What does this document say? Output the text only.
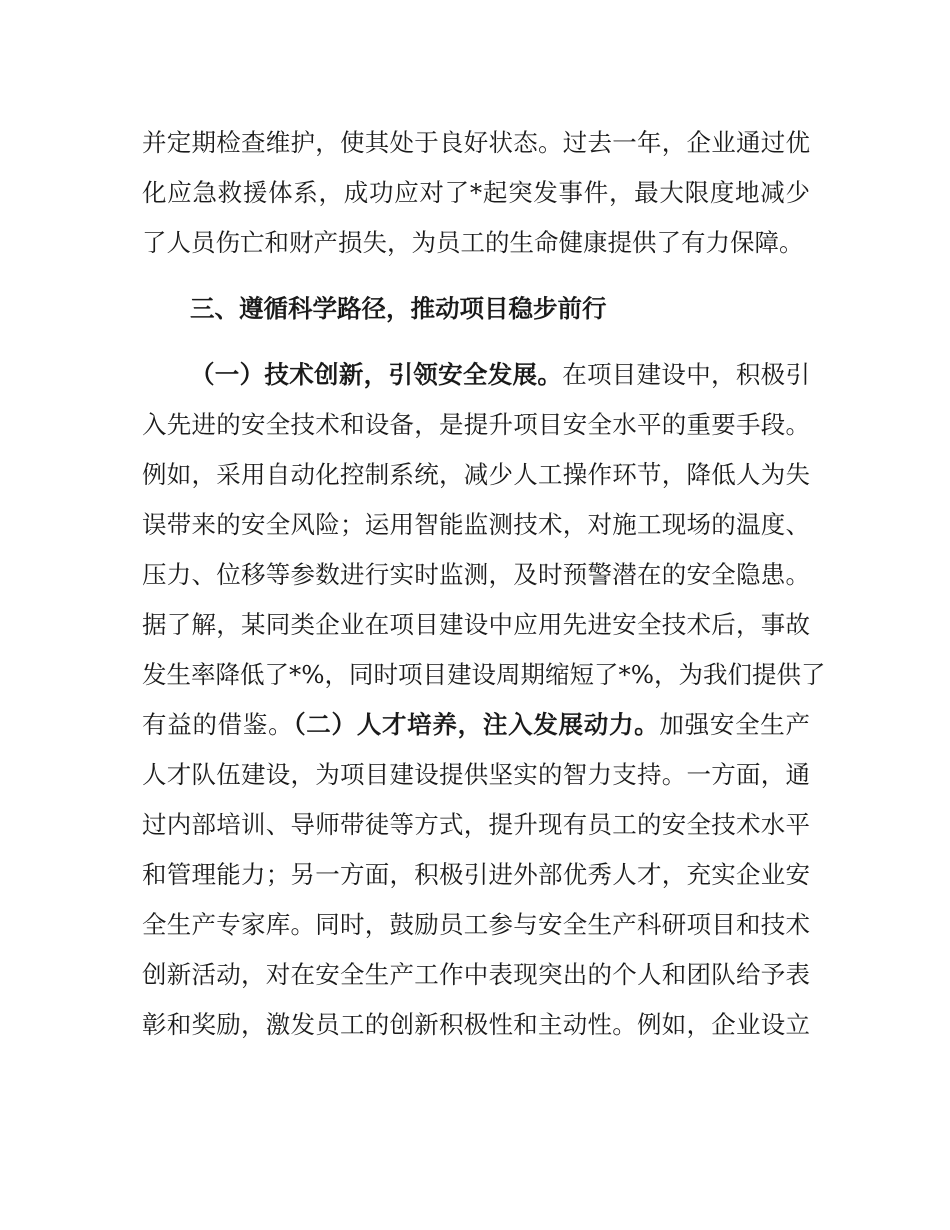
并定期检查维护，使其处于良好状态。过去一年，企业通过优
化应急救援体系，成功应对了*起突发事件，最大限度地减少
了人员伤亡和财产损失，为员工的生命健康提供了有力保障。
三、遵循科学路径，推动项目稳步前行
（一）技术创新，引领安全发展。在项目建设中，积极引
入先进的安全技术和设备，是提升项目安全水平的重要手段。
例如，采用自动化控制系统，减少人工操作环节，降低人为失
误带来的安全风险；运用智能监测技术，对施工现场的温度、
压力、位移等参数进行实时监测，及时预警潜在的安全隐患。
据了解，某同类企业在项目建设中应用先进安全技术后，事故
发生率降低了*%，同时项目建设周期缩短了*%，为我们提供了
有益的借鉴。（二）人才培养，注入发展动力。加强安全生产
人才队伍建设，为项目建设提供坚实的智力支持。一方面，通
过内部培训、导师带徒等方式，提升现有员工的安全技术水平
和管理能力；另一方面，积极引进外部优秀人才，充实企业安
全生产专家库。同时，鼓励员工参与安全生产科研项目和技术
创新活动，对在安全生产工作中表现突出的个人和团队给予表
彰和奖励，激发员工的创新积极性和主动性。例如，企业设立
